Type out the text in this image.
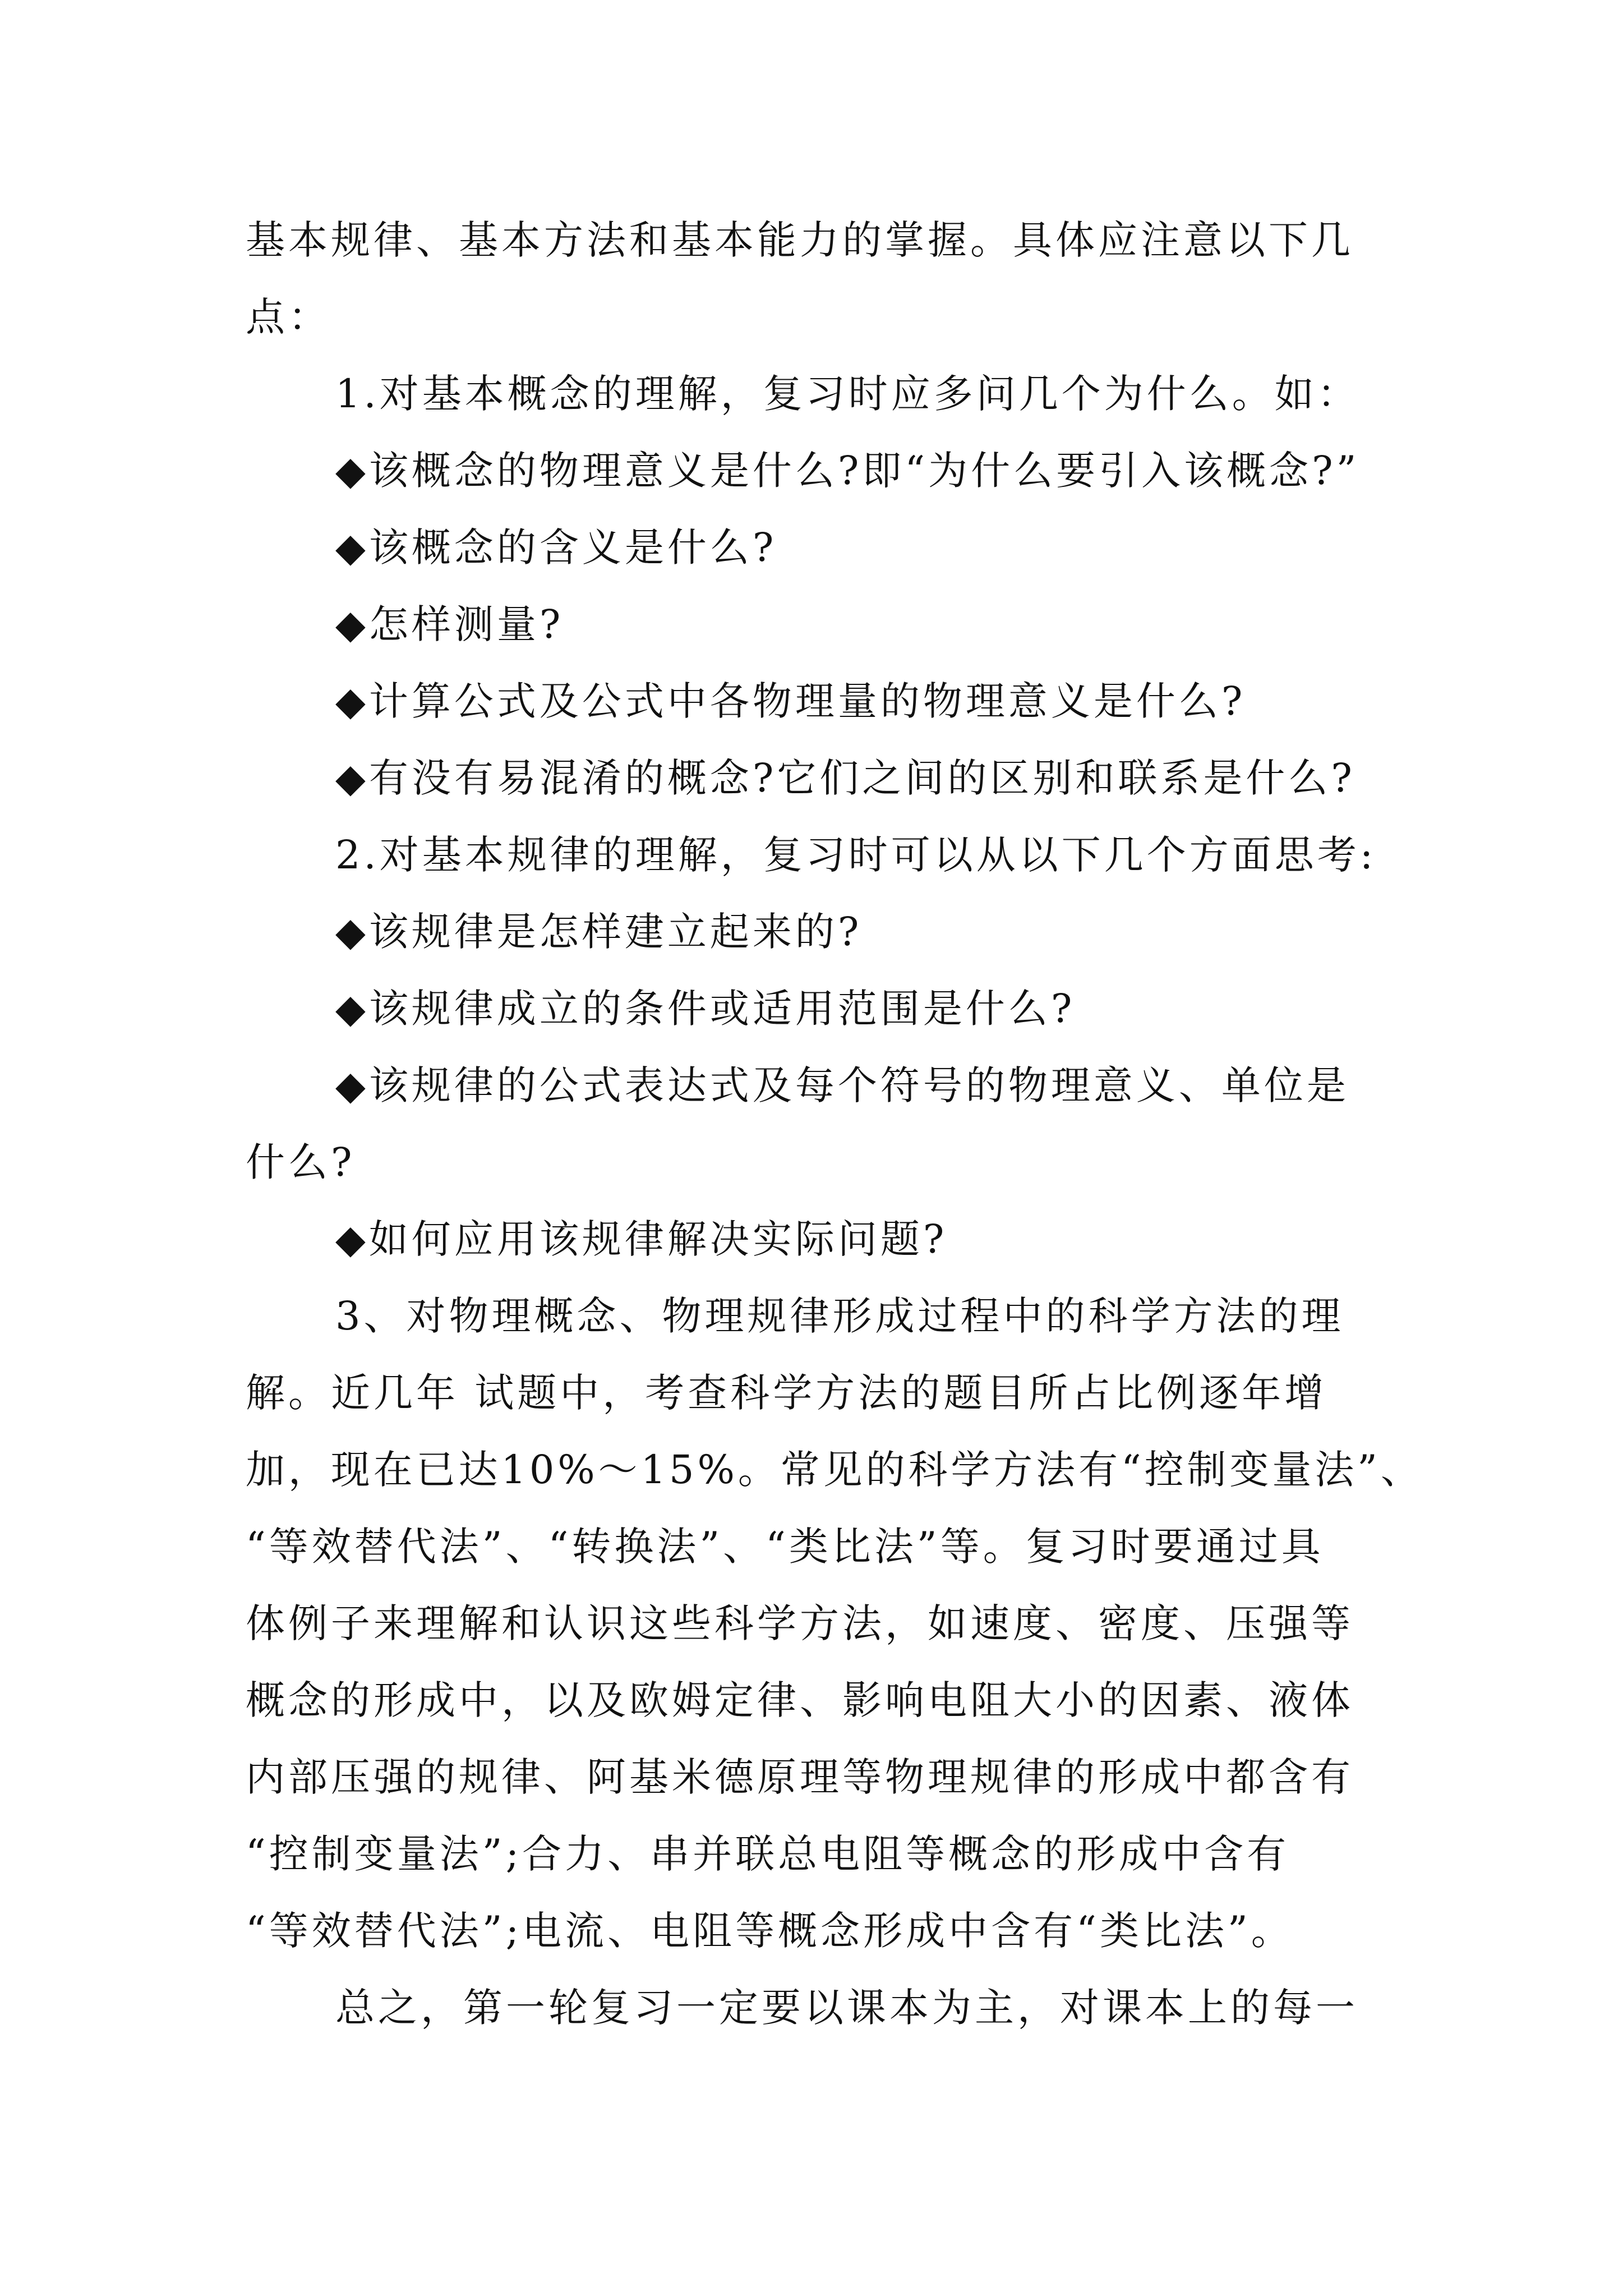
基本规律、基本方法和基本能力的掌握。具体应注意以下几
点：
1.对基本概念的理解，复习时应多问几个为什么。如：
◆该概念的物理意义是什么?即“为什么要引入该概念?”
◆该概念的含义是什么?
◆怎样测量?
◆计算公式及公式中各物理量的物理意义是什么?
◆有没有易混淆的概念?它们之间的区别和联系是什么?
2.对基本规律的理解，复习时可以从以下几个方面思考:
◆该规律是怎样建立起来的?
◆该规律成立的条件或适用范围是什么?
◆该规律的公式表达式及每个符号的物理意义、单位是
什么?
◆如何应用该规律解决实际问题?
3、对物理概念、物理规律形成过程中的科学方法的理
解。近几年 试题中，考查科学方法的题目所占比例逐年增
加，现在已达10%～15%。常见的科学方法有“控制变量法”、
“等效替代法”、“转换法”、“类比法”等。复习时要通过具
体例子来理解和认识这些科学方法，如速度、密度、压强等
概念的形成中，以及欧姆定律、影响电阻大小的因素、液体
内部压强的规律、阿基米德原理等物理规律的形成中都含有
“控制变量法”;合力、串并联总电阻等概念的形成中含有
“等效替代法”;电流、电阻等概念形成中含有“类比法”。
总之，第一轮复习一定要以课本为主，对课本上的每一
